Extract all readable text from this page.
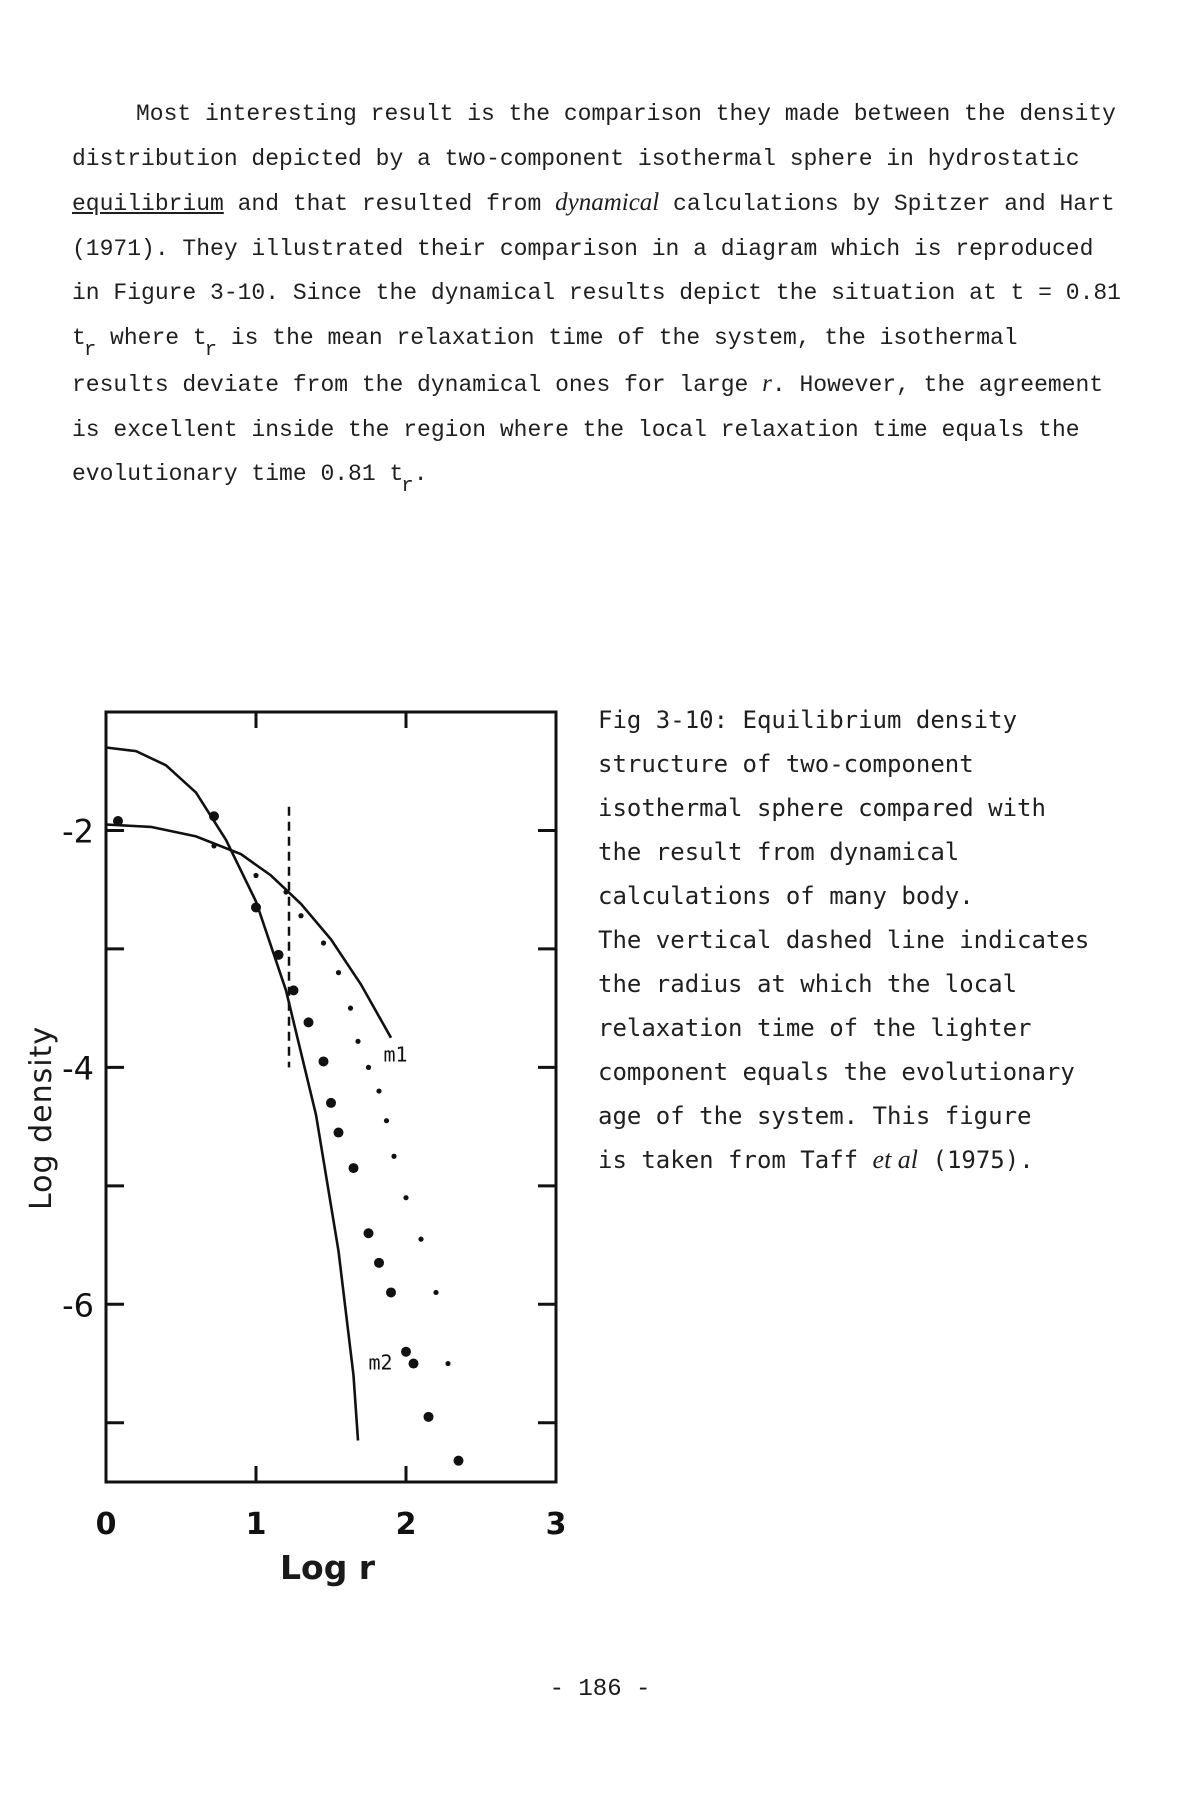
Most interesting result is the comparison they made between the density
distribution depicted by a two-component isothermal sphere in hydrostatic
equilibrium and that resulted from dynamical calculations by Spitzer and Hart
(1971). They illustrated their comparison in a diagram which is reproduced
in Figure 3-10. Since the dynamical results depict the situation at t = 0.81
tr where tr is the mean relaxation time of the system, the isothermal
results deviate from the dynamical ones for large r. However, the agreement
is excellent inside the region where the local relaxation time equals the
evolutionary time 0.81 tr.
0	1	2	3
-2
-4
-6
m1
m2
Log density
Log r
Fig 3-10: Equilibrium density
structure of two-component
isothermal sphere compared with
the result from dynamical
calculations of many body.
The vertical dashed line indicates
the radius at which the local
relaxation time of the lighter
component equals the evolutionary
age of the system. This figure
is taken from Taff et al (1975).
- 186 -
